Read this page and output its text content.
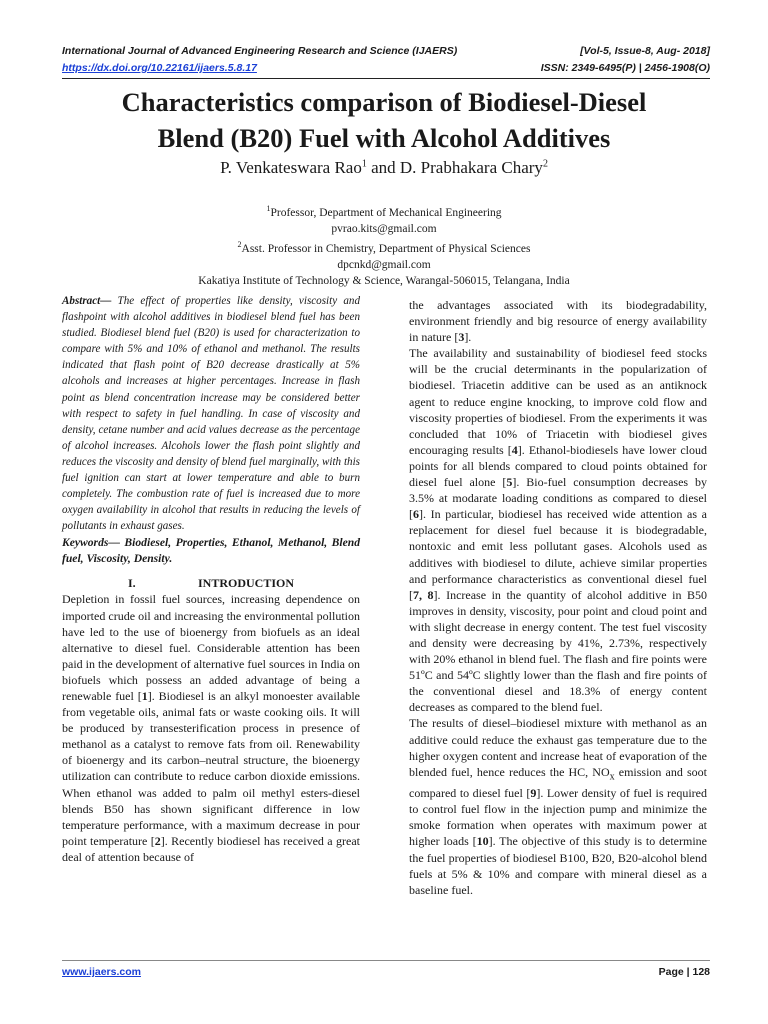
International Journal of Advanced Engineering Research and Science (IJAERS)	[Vol-5, Issue-8, Aug- 2018]
https://dx.doi.org/10.22161/ijaers.5.8.17	ISSN: 2349-6495(P) | 2456-1908(O)
Characteristics comparison of Biodiesel-Diesel
Blend (B20) Fuel with Alcohol Additives
P. Venkateswara Rao$^1$ and D. Prabhakara Chary$^2$
$^1$Professor, Department of Mechanical Engineering
pvrao.kits@gmail.com
$^2$Asst. Professor in Chemistry, Department of Physical Sciences
dpcnkd@gmail.com
Kakatiya Institute of Technology & Science, Warangal-506015, Telangana, India

Abstract— The effect of properties like density, viscosity and flashpoint with alcohol additives in biodiesel blend fuel has been studied. Biodiesel blend fuel (B20) is used for characterization to compare with 5% and 10% of ethanol and methanol. The results indicated that flash point of B20 decrease drastically at 5% alcohols and increases at higher percentages. Increase in flash point as blend concentration increase may be considered better with respect to safety in fuel handling. In case of viscosity and density, cetane number and acid values decrease as the percentage of alcohol increases. Alcohols lower the flash point slightly and reduces the viscosity and density of blend fuel marginally, with this fuel ignition can start at lower temperature and able to burn completely. The combustion rate of fuel is increased due to more oxygen availability in alcohol that results in reducing the levels of pollutants in exhaust gases.

Keywords— Biodiesel, Properties, Ethanol, Methanol, Blend fuel, Viscosity, Density.

I.	INTRODUCTION

Depletion in fossil fuel sources, increasing dependence on imported crude oil and increasing the environmental pollution have led to the use of bioenergy from biofuels as an ideal alternative to diesel fuel. Considerable attention has been paid in the development of alternative fuel sources in India on biofuels which possess an added advantage of being a renewable fuel [1]. Biodiesel is an alkyl monoester available from vegetable oils, animal fats or waste cooking oils. It will be produced by transesterification process in presence of methanol as a catalyst to remove fats from oil. Renewability of bioenergy and its carbon–neutral structure, the bioenergy utilization can contribute to reduce carbon dioxide emissions. When ethanol was added to palm oil methyl esters-diesel blends B50 has shown significant difference in low temperature performance, with a maximum decrease in pour point temperature [2]. Recently biodiesel has received a great deal of attention because of

the advantages associated with its biodegradability, environment friendly and big resource of energy availability in nature [3].

The availability and sustainability of biodiesel feed stocks will be the crucial determinants in the popularization of biodiesel. Triacetin additive can be used as an antiknock agent to reduce engine knocking, to improve cold flow and viscosity properties of biodiesel. From the experiments it was concluded that 10% of Triacetin with biodiesel gives encouraging results [4]. Ethanol-biodiesels have lower cloud points for all blends compared to cloud points obtained for diesel fuel alone [5]. Bio-fuel consumption decreases by 3.5% at modarate loading conditions as compared to diesel [6]. In particular, biodiesel has received wide attention as a replacement for diesel fuel because it is biodegradable, nontoxic and emit less pollutant gases. Alcohols used as additives with biodiesel to dilute, achieve similar properties and performance characteristics as conventional diesel fuel [7, 8]. Increase in the quantity of alcohol additive in B50 improves in density, viscosity, pour point and cloud point and with slight decrease in energy content. The test fuel viscosity and density were decreasing by 41%, 2.73%, respectively with 20% ethanol in blend fuel. The flash and fire points were 51ºC and 54ºC slightly lower than the flash and fire points of the conventional diesel and 18.3% of energy content decreases as compared to the blend fuel.

The results of diesel–biodiesel mixture with methanol as an additive could reduce the exhaust gas temperature due to the higher oxygen content and increase heat of evaporation of the blended fuel, hence reduces the HC, $NO_x$ emission and soot compared to diesel fuel [9]. Lower density of fuel is required to control fuel flow in the injection pump and minimize the smoke formation when operates with maximum power at higher loads [10]. The objective of this study is to determine the fuel properties of biodiesel B100, B20, B20-alcohol blend fuels at 5% & 10% and compare with mineral diesel as a baseline fuel.

www.ijaers.com	Page | 128
